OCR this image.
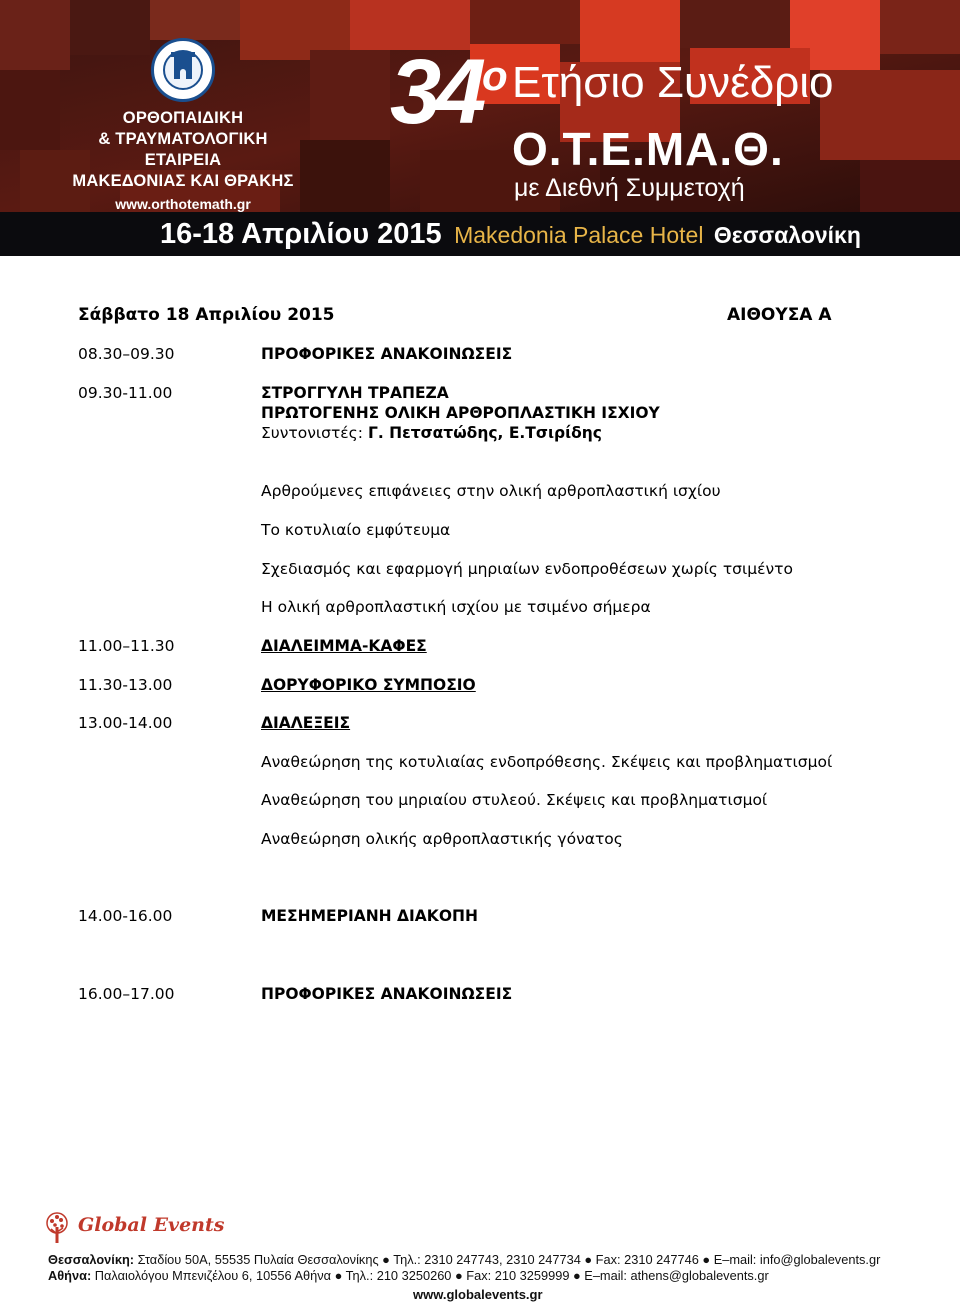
ΟΡΘΟΠΑΙΔΙΚΗ
& ΤΡΑΥΜΑΤΟΛΟΓΙΚΗ ΕΤΑΙΡΕΙΑ
ΜΑΚΕΔΟΝΙΑΣ ΚΑΙ ΘΡΑΚΗΣ
www.orthotemath.gr
34 ο Ετήσιο Συνέδριο
Ο.Τ.Ε.ΜΑ.Θ.
με Διεθνή Συμμετοχή
16-18 Απριλίου 2015 Makedonia Palace Hotel Θεσσαλονίκη
Σάββατο 18 Απριλίου 2015	ΑΙΘΟΥΣΑ Α
08.30–09.30	ΠΡΟΦΟΡΙΚΕΣ ΑΝΑΚΟΙΝΩΣΕΙΣ
09.30-11.00	ΣΤΡΟΓΓΥΛΗ ΤΡΑΠΕΖΑ
ΠΡΩΤΟΓΕΝΗΣ ΟΛΙΚΗ ΑΡΘΡΟΠΛΑΣΤΙΚΗ ΙΣΧΙΟΥ
Συντονιστές: Γ. Πετσατώδης, Ε.Τσιρίδης
Αρθρούμενες επιφάνειες στην ολική αρθροπλαστική ισχίου
Το κοτυλιαίο εμφύτευμα
Σχεδιασμός και εφαρμογή μηριαίων ενδοπροθέσεων χωρίς τσιμέντο
Η ολική αρθροπλαστική ισχίου με τσιμένο σήμερα
11.00–11.30	ΔΙΑΛΕΙΜΜΑ-ΚΑΦΕΣ
11.30-13.00	ΔΟΡΥΦΟΡΙΚΟ ΣΥΜΠΟΣΙΟ
13.00-14.00	ΔΙΑΛΕΞΕΙΣ
Αναθεώρηση της κοτυλιαίας ενδοπρόθεσης. Σκέψεις και προβληματισμοί
Αναθεώρηση του μηριαίου στυλεού. Σκέψεις και προβληματισμοί
Αναθεώρηση ολικής αρθροπλαστικής γόνατος
14.00-16.00	ΜΕΣΗΜΕΡΙΑΝΗ ΔΙΑΚΟΠΗ
16.00–17.00	ΠΡΟΦΟΡΙΚΕΣ ΑΝΑΚΟΙΝΩΣΕΙΣ
Global Events
Θεσσαλονίκη: Σταδίου 50Α, 55535 Πυλαία Θεσσαλονίκης ● Τηλ.: 2310 247743, 2310 247734 ● Fax: 2310 247746 ● E–mail: info@globalevents.gr
Αθήνα: Παλαιολόγου Μπενιζέλου 6, 10556 Αθήνα ● Τηλ.: 210 3250260 ● Fax: 210 3259999 ● E–mail: athens@globalevents.gr
www.globalevents.gr
